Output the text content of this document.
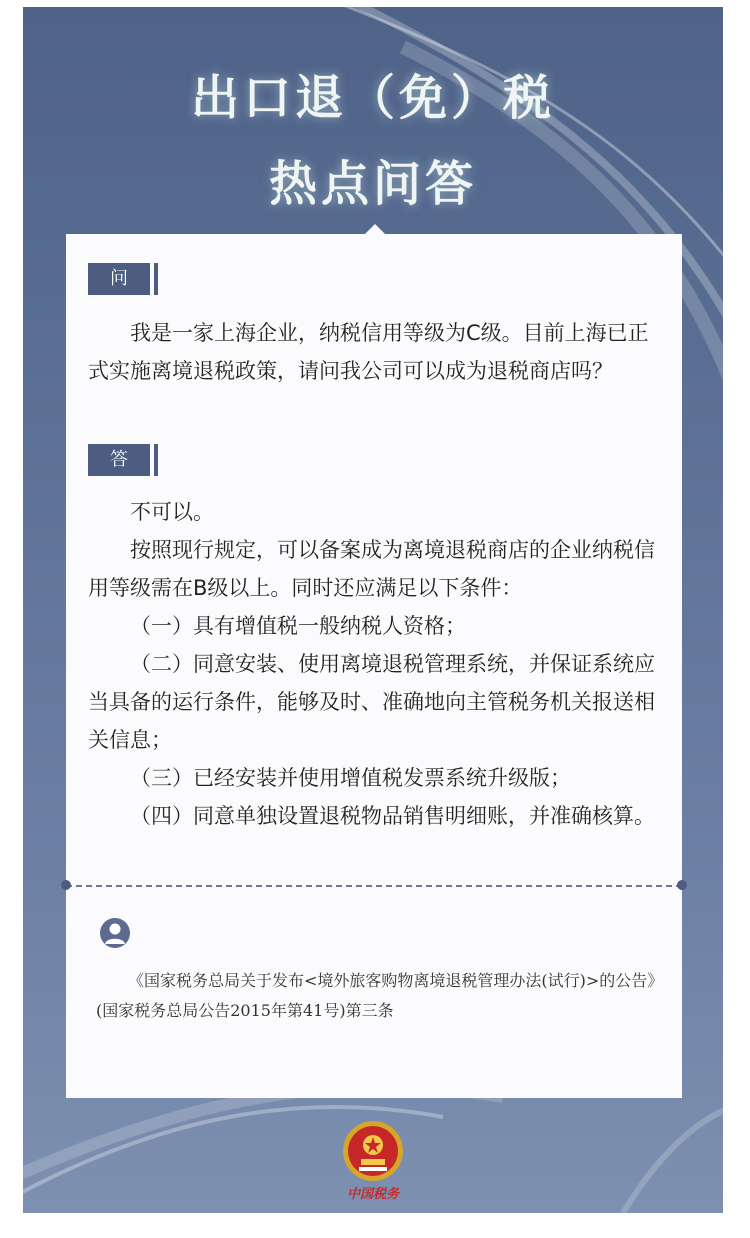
出口退（免）税
热点问答
问

我是一家上海企业，纳税信用等级为C级。目前上海已正式实施离境退税政策，请问我公司可以成为退税商店吗？

答

不可以。

按照现行规定，可以备案成为离境退税商店的企业纳税信用等级需在B级以上。同时还应满足以下条件：

（一）具有增值税一般纳税人资格；

（二）同意安装、使用离境退税管理系统，并保证系统应当具备的运行条件，能够及时、准确地向主管税务机关报送相关信息；

（三）已经安装并使用增值税发票系统升级版；

（四）同意单独设置退税物品销售明细账，并准确核算。

《国家税务总局关于发布<境外旅客购物离境退税管理办法(试行)>的公告》(国家税务总局公告2015年第41号)第三条

中国税务
